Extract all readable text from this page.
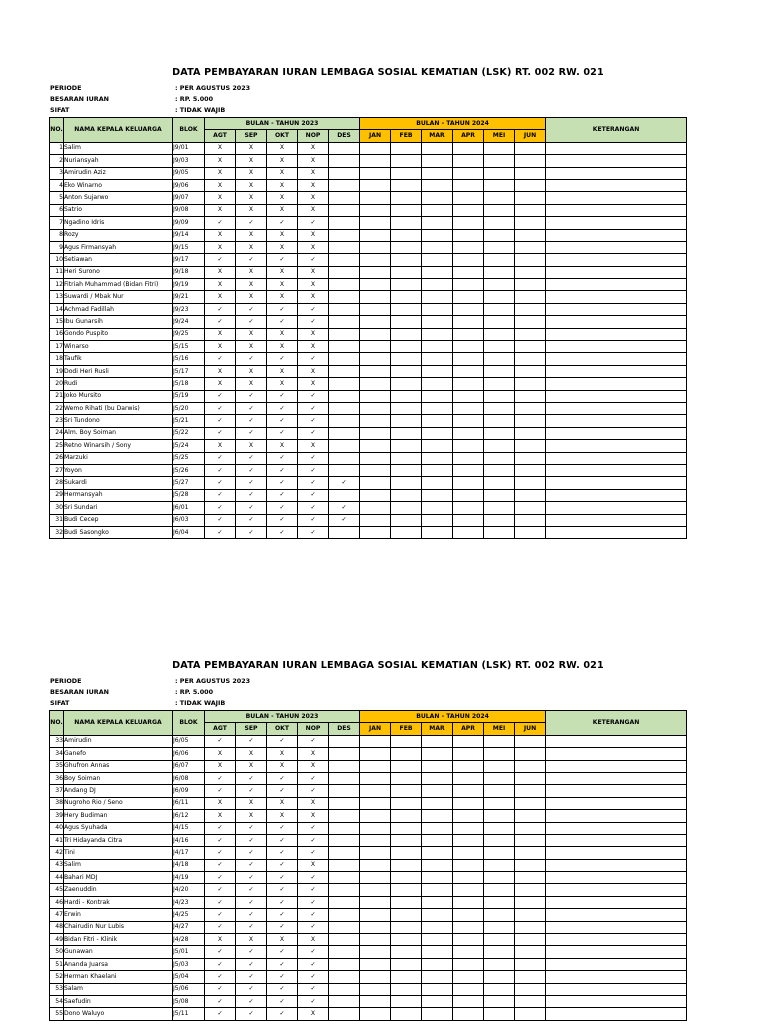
DATA PEMBAYARAN IURAN LEMBAGA SOSIAL KEMATIAN (LSK) RT. 002 RW. 021
PERIODE	: PER AGUSTUS 2023
BESARAN IURAN	: RP. 5.000
SIFAT	: TIDAK WAJIB
NO.	NAMA KEPALA KELUARGA	BLOK	BULAN - TAHUN 2023					BULAN - TAHUN 2024						KETERANGAN
			AGT	SEP	OKT	NOP	DES	JAN	FEB	MAR	APR	MEI	JUN	
1	Salim	J9/01	X	X	X	X								
2	Nuriansyah	J9/03	X	X	X	X								
3	Amirudin Aziz	J9/05	X	X	X	X								
4	Eko Winarno	J9/06	X	X	X	X								
5	Anton Sujarwo	J9/07	X	X	X	X								
6	Satrio	J9/08	X	X	X	X								
7	Ngadino Idris	J9/09	✓	✓	✓	✓								
8	Rozy	J9/14	X	X	X	X								
9	Agus Firmansyah	J9/15	X	X	X	X								
10	Setiawan	J9/17	✓	✓	✓	✓								
11	Heri Surono	J9/18	X	X	X	X								
12	Fitriah Muhammad (Bidan Fitri)	J9/19	X	X	X	X								
13	Suwardi / Mbak Nur	J9/21	X	X	X	X								
14	Achmad Fadillah	J9/23	✓	✓	✓	✓								
15	Ibu Gunarsih	J9/24	✓	✓	✓	✓								
16	Gondo Puspito	J9/25	X	X	X	X								
17	Winarso	J5/15	X	X	X	X								
18	Taufik	J5/16	✓	✓	✓	✓								
19	Dodi Heri Rusli	J5/17	X	X	X	X								
20	Rudi	J5/18	X	X	X	X								
21	Joko Mursito	J5/19	✓	✓	✓	✓								
22	Wemo Rihati (bu Darwis)	J5/20	✓	✓	✓	✓								
23	Sri Tundono	J5/21	✓	✓	✓	✓								
24	Alm. Boy Soiman	J5/22	✓	✓	✓	✓								
25	Retno Winarsih / Sony	J5/24	X	X	X	X								
26	Marzuki	J5/25	✓	✓	✓	✓								
27	Yoyon	J5/26	✓	✓	✓	✓								
28	Sukardi	J5/27	✓	✓	✓	✓	✓							
29	Hermansyah	J5/28	✓	✓	✓	✓								
30	Sri Sundari	J6/01	✓	✓	✓	✓	✓							
31	Budi Cecep	J6/03	✓	✓	✓	✓	✓							
32	Budi Sasongko	J6/04	✓	✓	✓	✓								
DATA PEMBAYARAN IURAN LEMBAGA SOSIAL KEMATIAN (LSK) RT. 002 RW. 021
PERIODE	: PER AGUSTUS 2023
BESARAN IURAN	: RP. 5.000
SIFAT	: TIDAK WAJIB
NO.	NAMA KEPALA KELUARGA	BLOK	BULAN - TAHUN 2023					BULAN - TAHUN 2024						KETERANGAN
			AGT	SEP	OKT	NOP	DES	JAN	FEB	MAR	APR	MEI	JUN	
33	Amirudin	J6/05	✓	✓	✓	✓								
34	Ganefo	J6/06	X	X	X	X								
35	Ghufron Annas	J6/07	X	X	X	X								
36	Boy Soiman	J6/08	✓	✓	✓	✓								
37	Andang DJ	J6/09	✓	✓	✓	✓								
38	Nugroho Rio / Seno	J6/11	X	X	X	X								
39	Hery Budiman	J6/12	X	X	X	X								
40	Agus Syuhada	J4/15	✓	✓	✓	✓								
41	Tri Hidayanda Citra	J4/16	✓	✓	✓	✓								
42	Tini	J4/17	✓	✓	✓	✓								
43	Salim	J4/18	✓	✓	✓	X								
44	Bahari MDJ	J4/19	✓	✓	✓	✓								
45	Zaenuddin	J4/20	✓	✓	✓	✓								
46	Hardi - Kontrak	J4/23	✓	✓	✓	✓								
47	Erwin	J4/25	✓	✓	✓	✓								
48	Chairudin Nur Lubis	J4/27	✓	✓	✓	✓								
49	Bidan Fitri - Klinik	J4/28	X	X	X	X								
50	Gunawan	J5/01	✓	✓	✓	✓								
51	Ananda Juarsa	J5/03	✓	✓	✓	✓								
52	Herman Khaelani	J5/04	✓	✓	✓	✓								
53	Salam	J5/06	✓	✓	✓	✓								
54	Saefudin	J5/08	✓	✓	✓	✓								
55	Dono Waluyo	J5/11	✓	✓	✓	X								
